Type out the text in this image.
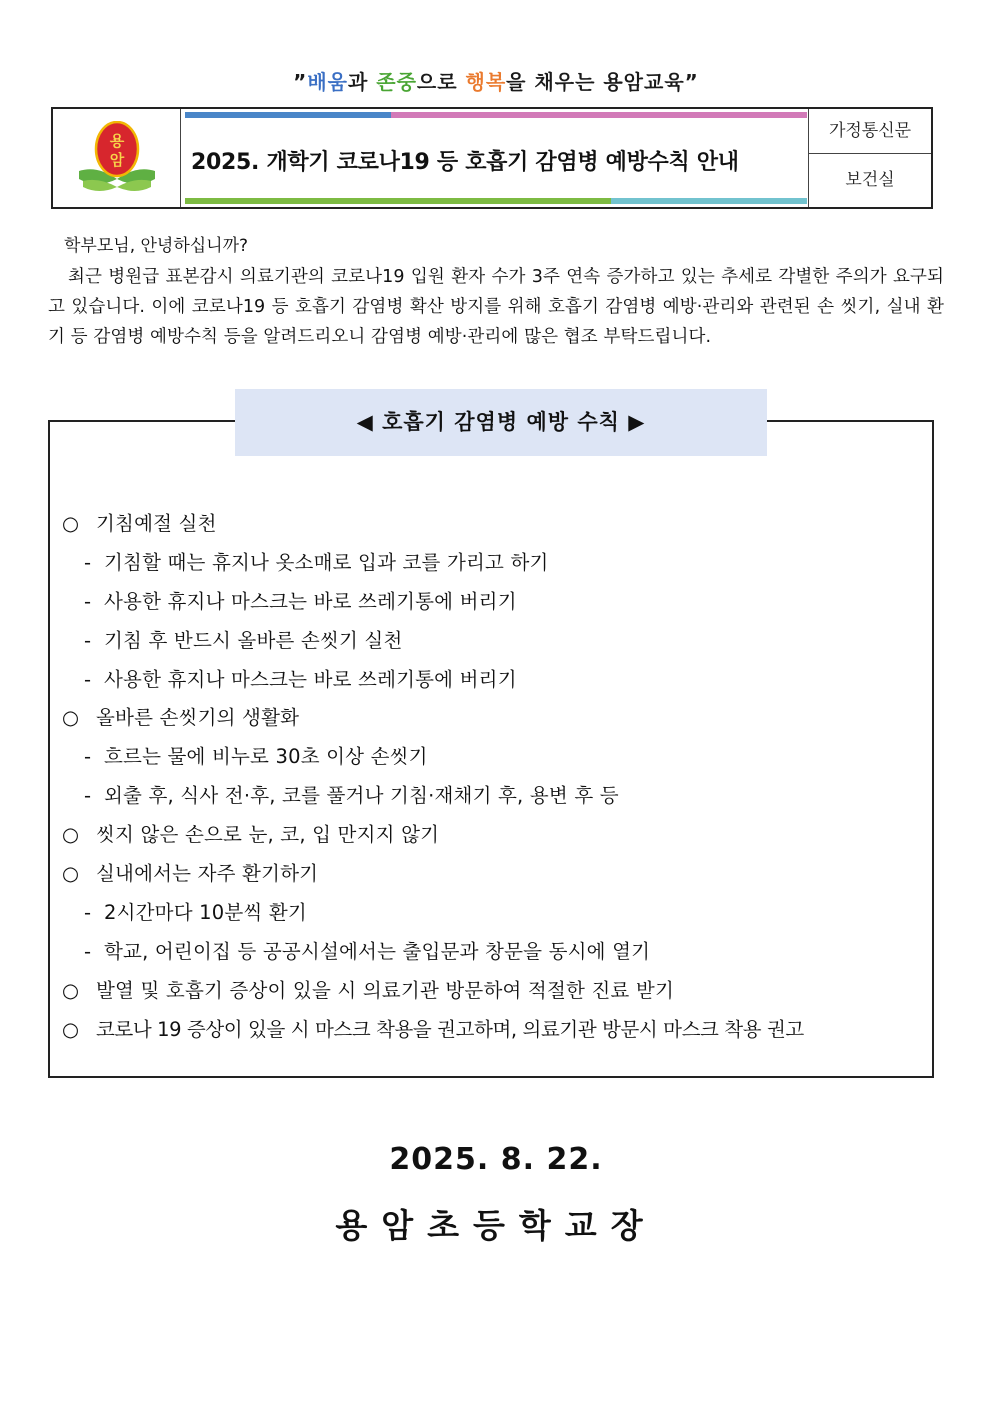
”배움과 존중으로 행복을 채우는 용암교육”
용
암	2025. 개학기 코로나19 등 호흡기 감염병 예방수칙 안내
가정통신문
보건실
학부모님, 안녕하십니까?
최근 병원급 표본감시 의료기관의 코로나19 입원 환자 수가 3주 연속 증가하고 있는 추세로 각별한 주의가 요구되고 있습니다. 이에 코로나19 등 호흡기 감염병 확산 방지를 위해 호흡기 감염병 예방·관리와 관련된 손 씻기, 실내 환기 등 감염병 예방수칙 등을 알려드리오니 감염병 예방·관리에 많은 협조 부탁드립니다.
◀ 호흡기 감염병 예방 수칙 ▶
○ 기침예절 실천
- 기침할 때는 휴지나 옷소매로 입과 코를 가리고 하기
- 사용한 휴지나 마스크는 바로 쓰레기통에 버리기
- 기침 후 반드시 올바른 손씻기 실천
- 사용한 휴지나 마스크는 바로 쓰레기통에 버리기
○ 올바른 손씻기의 생활화
- 흐르는 물에 비누로 30초 이상 손씻기
- 외출 후, 식사 전·후, 코를 풀거나 기침·재채기 후, 용변 후 등
○ 씻지 않은 손으로 눈, 코, 입 만지지 않기
○ 실내에서는 자주 환기하기
- 2시간마다 10분씩 환기
- 학교, 어린이집 등 공공시설에서는 출입문과 창문을 동시에 열기
○ 발열 및 호흡기 증상이 있을 시 의료기관 방문하여 적절한 진료 받기
○ 코로나 19 증상이 있을 시 마스크 착용을 권고하며, 의료기관 방문시 마스크 착용 권고
2025. 8. 22.
용암초등학교장
